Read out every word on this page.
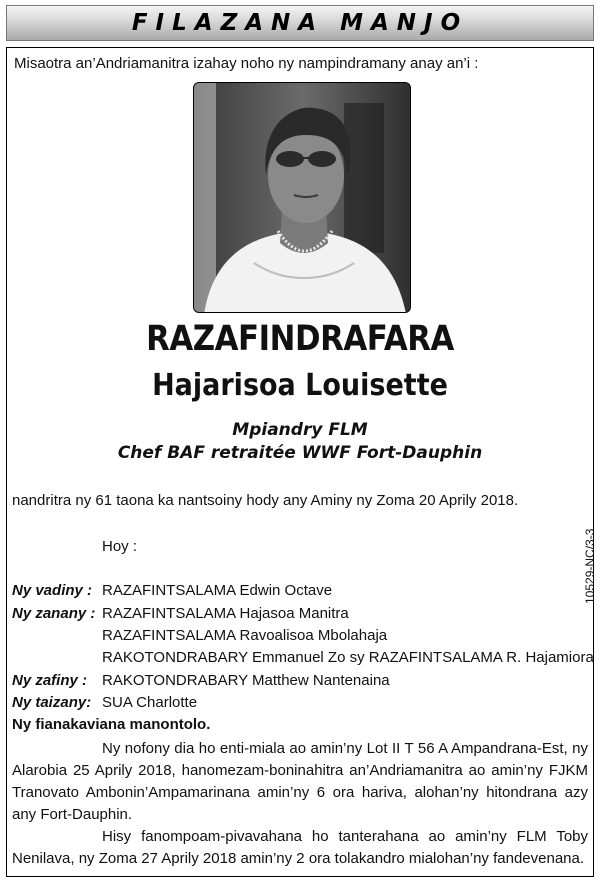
FILAZANA MANJO
Misaotra an’Andriamanitra izahay noho ny nampindramany anay an’i :
RAZAFINDRAFARA
Hajarisoa Louisette
Mpiandry FLM
Chef BAF retraitée WWF Fort-Dauphin
nandritra ny 61 taona ka nantsoiny hody any Aminy ny Zoma 20 Aprily 2018.
Hoy :	10529-NC/3-3
Ny vadiny : RAZAFINTSALAMA Edwin Octave
Ny zanany : RAZAFINTSALAMA Hajasoa Manitra
RAZAFINTSALAMA Ravoalisoa Mbolahaja
RAKOTONDRABARY Emmanuel Zo sy RAZAFINTSALAMA R. Hajamiora
Ny zafiny : RAKOTONDRABARY Matthew Nantenaina
Ny taizany: SUA Charlotte
Ny fianakaviana manontolo.
Ny nofony dia ho enti-miala ao amin’ny Lot II T 56 A Ampandrana-Est, ny Alarobia 25 Aprily 2018, hanomezam-boninahitra an’Andriamanitra ao amin’ny FJKM Tranovato Ambonin’Ampamarinana amin’ny 6 ora hariva, alohan’ny hitondrana azy any Fort-Dauphin.
Hisy fanompoam-pivavahana ho tanterahana ao amin’ny FLM Toby Nenilava, ny Zoma 27 Aprily 2018 amin’ny 2 ora tolakandro mialohan’ny fandevenana.
